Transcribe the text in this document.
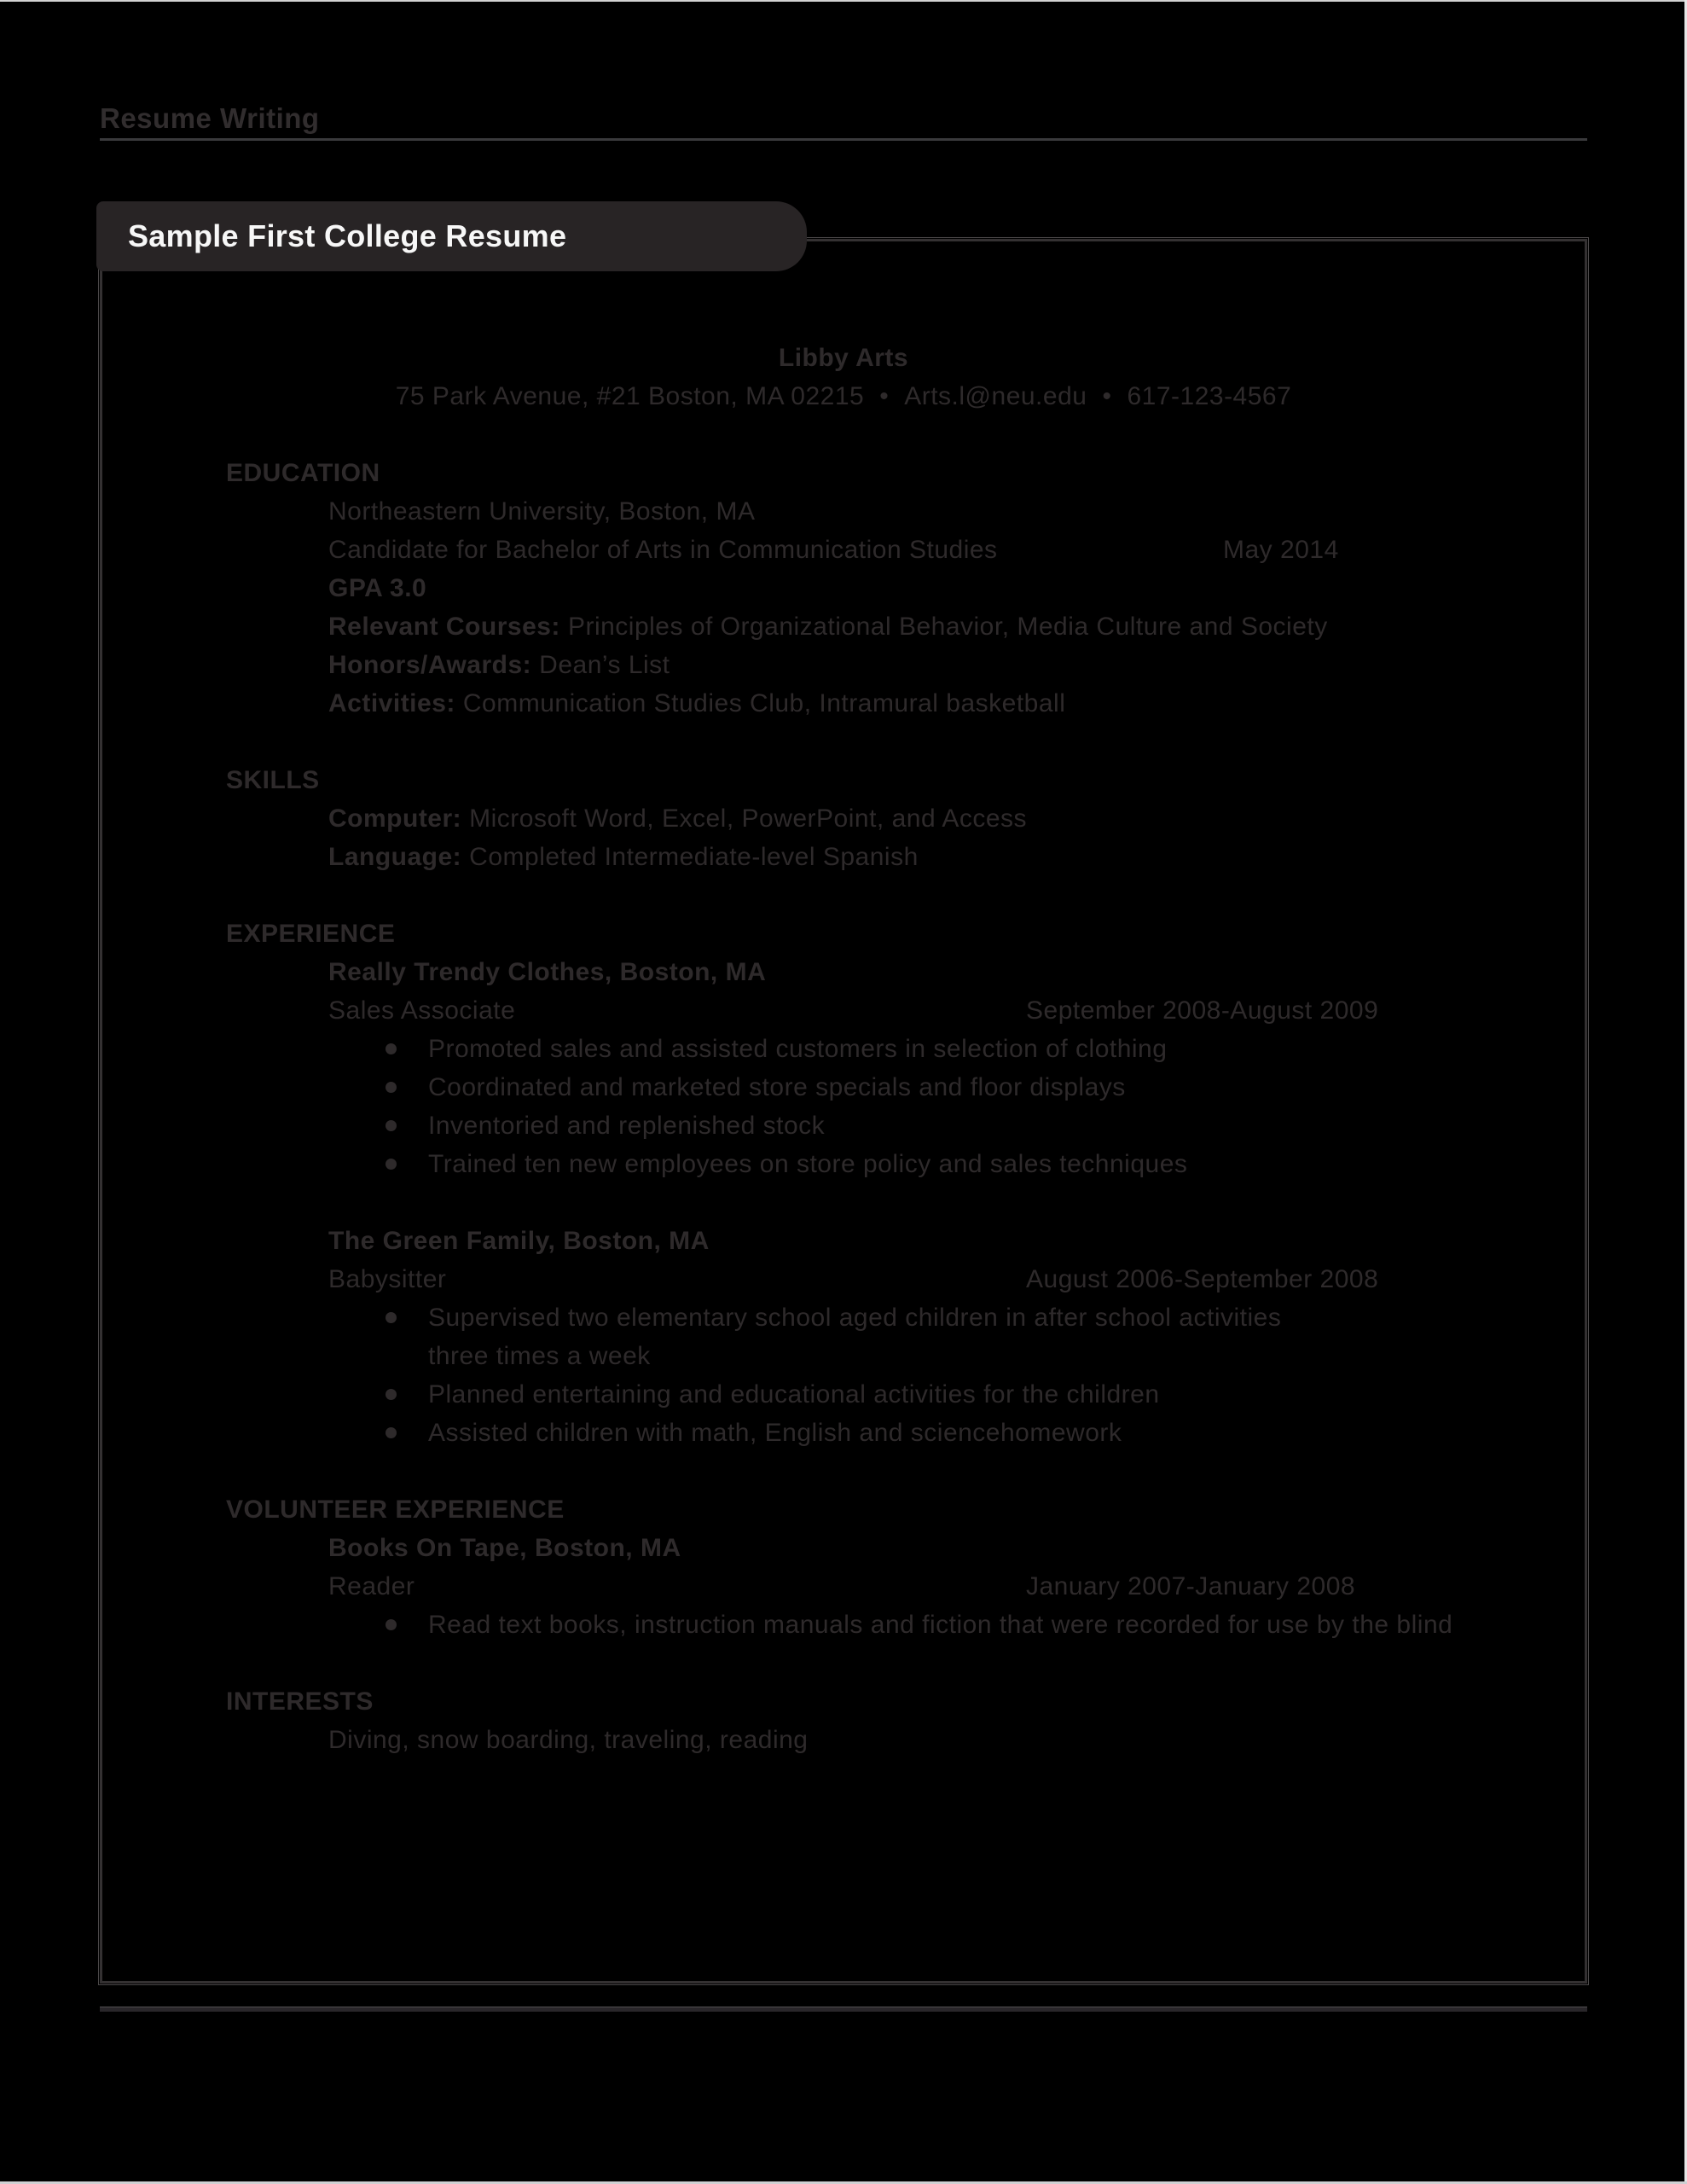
Resume Writing
Sample First College Resume
Libby Arts
75 Park Avenue, #21 Boston, MA 02215 • Arts.l@neu.edu • 617-123-4567
EDUCATION
Northeastern University, Boston, MA
Candidate for Bachelor of Arts in Communication Studies	May 2014
GPA 3.0
Relevant Courses: Principles of Organizational Behavior, Media Culture and Society
Honors/Awards: Dean’s List
Activities: Communication Studies Club, Intramural basketball
SKILLS
Computer: Microsoft Word, Excel, PowerPoint, and Access
Language: Completed Intermediate-level Spanish
EXPERIENCE
Really Trendy Clothes, Boston, MA
Sales Associate	September 2008-August 2009
Promoted sales and assisted customers in selection of clothing
Coordinated and marketed store specials and floor displays
Inventoried and replenished stock
Trained ten new employees on store policy and sales techniques
The Green Family, Boston, MA
Babysitter	August 2006-September 2008
Supervised two elementary school aged children in after school activities
three times a week
Planned entertaining and educational activities for the children
Assisted children with math, English and sciencehomework
VOLUNTEER EXPERIENCE
Books On Tape, Boston, MA
Reader	January 2007-January 2008
Read text books, instruction manuals and fiction that were recorded for use by the blind
INTERESTS
Diving, snow boarding, traveling, reading
